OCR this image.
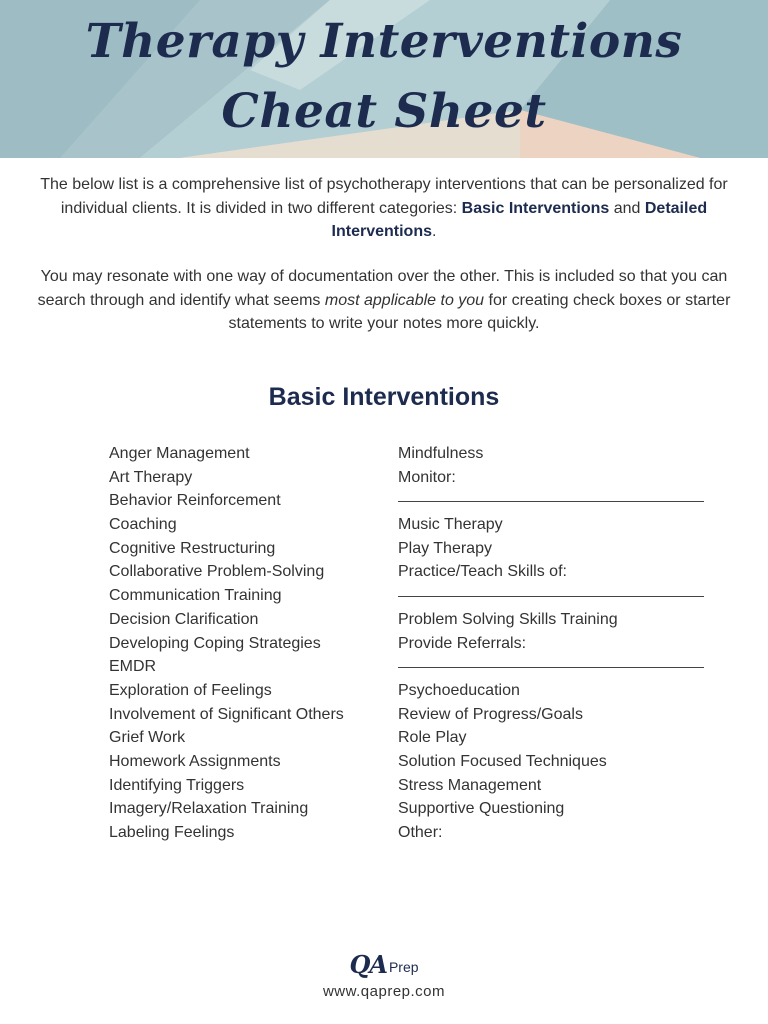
Therapy Interventions
Cheat Sheet

The below list is a comprehensive list of psychotherapy interventions that can be personalized for individual clients. It is divided in two different categories: Basic Interventions and Detailed Interventions.

You may resonate with one way of documentation over the other. This is included so that you can search through and identify what seems most applicable to you for creating check boxes or starter statements to write your notes more quickly.

Basic Interventions
Anger Management
Art Therapy
Behavior Reinforcement
Coaching
Cognitive Restructuring
Collaborative Problem-Solving
Communication Training
Decision Clarification
Developing Coping Strategies
EMDR
Exploration of Feelings
Involvement of Significant Others
Grief Work
Homework Assignments
Identifying Triggers
Imagery/Relaxation Training
Labeling Feelings
Mindfulness
Monitor:
Music Therapy
Play Therapy
Practice/Teach Skills of:
Problem Solving Skills Training
Provide Referrals:
Psychoeducation
Review of Progress/Goals
Role Play
Solution Focused Techniques
Stress Management
Supportive Questioning
Other:
QA Prep

www.qaprep.com
